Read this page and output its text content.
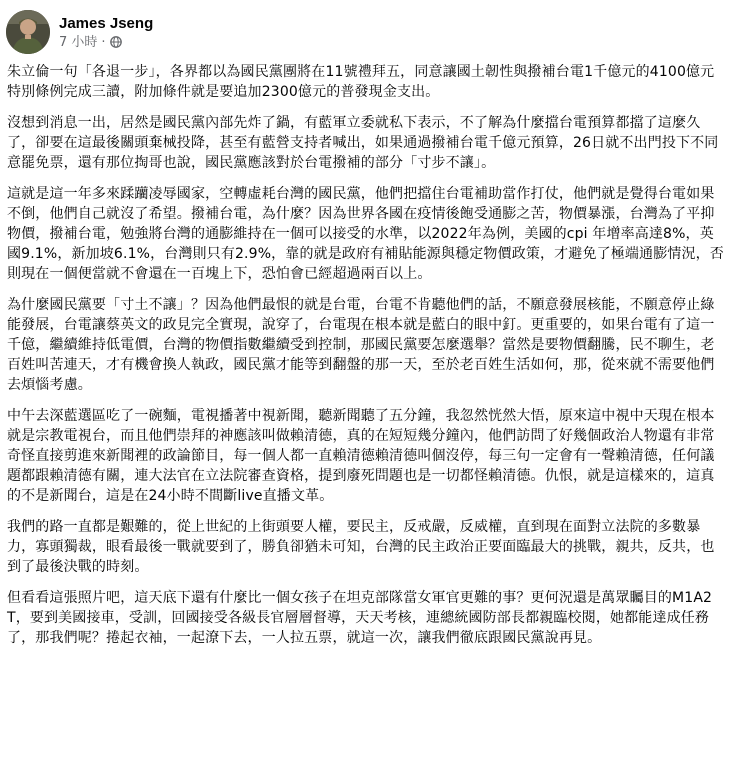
James Jseng
7 小時 ·

朱立倫一句「各退一步」，各界都以為國民黨團將在11號禮拜五，同意讓國土韌性與撥補台電1千億元的4100億元特別條例完成三讀，附加條件就是要追加2300億元的普發現金支出。

沒想到消息一出，居然是國民黨內部先炸了鍋，有藍軍立委就私下表示，不了解為什麼擋台電預算都擋了這麼久了，卻要在這最後關頭棄械投降，甚至有藍營支持者喊出，如果通過撥補台電千億元預算，26日就不出門投下不同意罷免票，還有那位掏哥也說，國民黨應該對於台電撥補的部分「寸步不讓」。

這就是這一年多來蹂躪凌辱國家，空轉虛耗台灣的國民黨，他們把擋住台電補助當作打仗，他們就是覺得台電如果不倒，他們自己就沒了希望。撥補台電，為什麼？因為世界各國在疫情後飽受通膨之苦，物價暴漲，台灣為了平抑物價，撥補台電，勉強將台灣的通膨維持在一個可以接受的水準，以2022年為例，美國的cpi 年增率高達8%，英國9.1%，新加坡6.1%，台灣則只有2.9%，靠的就是政府有補貼能源與穩定物價政策，才避免了極端通膨情況，否則現在一個便當就不會還在一百塊上下，恐怕會已經超過兩百以上。

為什麼國民黨要「寸土不讓」？因為他們最恨的就是台電，台電不肯聽他們的話，不願意發展核能，不願意停止綠能發展，台電讓蔡英文的政見完全實現，說穿了，台電現在根本就是藍白的眼中釘。更重要的，如果台電有了這一千億，繼續維持低電價，台灣的物價指數繼續受到控制，那國民黨要怎麼選舉？當然是要物價翻騰，民不聊生，老百姓叫苦連天，才有機會換人執政，國民黨才能等到翻盤的那一天，至於老百姓生活如何，那，從來就不需要他們去煩惱考慮。

中午去深藍選區吃了一碗麵，電視播著中視新聞，聽新聞聽了五分鐘，我忽然恍然大悟，原來這中視中天現在根本就是宗教電視台，而且他們崇拜的神應該叫做賴清德，真的在短短幾分鐘內，他們訪問了好幾個政治人物還有非常奇怪直接剪進來新聞裡的政論節目，每一個人都一直賴清德賴清德叫個沒停，每三句一定會有一聲賴清德，任何議題都跟賴清德有關，連大法官在立法院審查資格，提到廢死問題也是一切都怪賴清德。仇恨，就是這樣來的，這真的不是新聞台，這是在24小時不間斷live直播文革。

我們的路一直都是艱難的，從上世紀的上街頭要人權，要民主，反戒嚴，反威權，直到現在面對立法院的多數暴力，寡頭獨裁，眼看最後一戰就要到了，勝負卻猶未可知，台灣的民主政治正要面臨最大的挑戰，親共，反共，也到了最後決戰的時刻。

但看看這張照片吧，這天底下還有什麼比一個女孩子在坦克部隊當女軍官更難的事？更何況還是萬眾矚目的M1A2T，要到美國接車，受訓，回國接受各級長官層層督導，天天考核，連總統國防部長都親臨校閱，她都能達成任務了，那我們呢？捲起衣袖，一起潦下去，一人拉五票，就這一次，讓我們徹底跟國民黨說再見。
